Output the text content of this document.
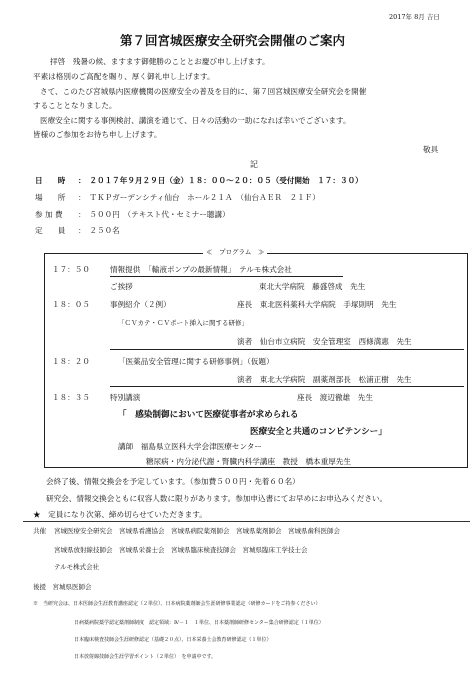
2017年 8月 吉日
第７回宮城医療安全研究会開催のご案内
拝啓　残暑の候、ますます御健勝のこととお慶び申し上げます。
平素は格別のご高配を賜り、厚く御礼申し上げます。
さて、このたび宮城県内医療機関の医療安全の普及を目的に、第７回宮城医療安全研究会を開催
することとなりました。
医療安全に関する事例検討、講演を通じて、日々の活動の一助になれば幸いでございます。
皆様のご参加をお待ち申し上げます。
敬具
記
日　　時 ：　２０１７年９月２９日（金）１８：００～２０：０５（受付開始　１７：３０）
場　　所 ：　ＴＫＰガーデンシティ仙台　ホール２１Ａ　（仙台ＡＥＲ　２１Ｆ）
参 加 費 ：　５００円　（テキスト代・セミナー聴講）
定　　員 ：　２５０名
≪　プログラム　≫
１７：５０	情報提供　「輸液ポンプの最新情報」　テルモ株式会社
ご挨拶	東北大学病院　藤盛啓成　先生
１８：０５	事例紹介（２例）	座長　東北医科薬科大学病院　手塚則明　先生
「ＣＶカテ・ＣＶポート挿入に関する研修」
演者　仙台市立病院　安全管理室　西條満惠　先生
１８：２０	「医薬品安全管理に関する研修事例」（仮題）
演者　東北大学病院　副薬剤部長　松浦正樹　先生
１８：３５	特別講演	座長　渡辺徹雄　先生
「　感染制御において医療従事者が求められる
医療安全と共通のコンピテンシー」
講師　福島県立医科大学会津医療センター
糖尿病・内分泌代謝・腎臓内科学講座　教授　橋本重厚先生
会終了後、情報交換会を予定しています。（参加費５００円・先着６０名）
研究会、情報交換会ともに収容人数に限りがあります。参加申込書にてお早めにお申込みください。
★　定員になり次第、締め切らせていただきます。
共催 宮城医療安全研究会　宮城県看護協会　宮城県病院薬剤師会　宮城県薬剤師会　宮城県歯科医師会
宮城県放射線技師会　宮城県栄養士会　宮城県臨床検査技師会　宮城県臨床工学技士会
テルモ株式会社
後援　宮城県医師会
※　当研究会は、日本医師会生涯教育講座認定（２単位）、日本病院薬剤師会生涯研修事業認定（研修カードをご持参ください）
日病薬病院薬学認定薬剤師制度　認定領域：Ⅳ－１　１単位、日本薬剤師研修センター集合研修認定（１単位）
日本臨床検査技師会生涯研修認定（基礎２０点）、日本栄養士会教育研修認定（１単位）
日本放射線技師会生涯学習ポイント（２単位）　を申請中です。
